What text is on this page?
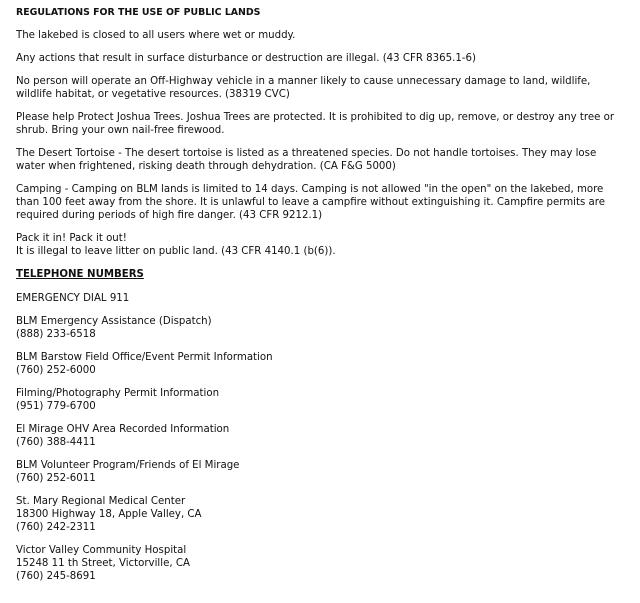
REGULATIONS FOR THE USE OF PUBLIC LANDS
The lakebed is closed to all users where wet or muddy.
Any actions that result in surface disturbance or destruction are illegal. (43 CFR 8365.1-6)
No person will operate an Off-Highway vehicle in a manner likely to cause unnecessary damage to land, wildlife, wildlife habitat, or vegetative resources. (38319 CVC)
Please help Protect Joshua Trees. Joshua Trees are protected. It is prohibited to dig up, remove, or destroy any tree or shrub. Bring your own nail-free firewood.
The Desert Tortoise - The desert tortoise is listed as a threatened species. Do not handle tortoises. They may lose water when frightened, risking death through dehydration. (CA F&G 5000)
Camping - Camping on BLM lands is limited to 14 days. Camping is not allowed "in the open" on the lakebed, more than 100 feet away from the shore. It is unlawful to leave a campfire without extinguishing it. Campfire permits are required during periods of high fire danger. (43 CFR 9212.1)
Pack it in! Pack it out!
It is illegal to leave litter on public land. (43 CFR 4140.1 (b(6)).
TELEPHONE NUMBERS
EMERGENCY DIAL 911
BLM Emergency Assistance (Dispatch)
(888) 233-6518
BLM Barstow Field Office/Event Permit Information
(760) 252-6000
Filming/Photography Permit Information
(951) 779-6700
El Mirage OHV Area Recorded Information
(760) 388-4411
BLM Volunteer Program/Friends of El Mirage
(760) 252-6011
St. Mary Regional Medical Center
18300 Highway 18, Apple Valley, CA
(760) 242-2311
Victor Valley Community Hospital
15248 11 th Street, Victorville, CA
(760) 245-8691
